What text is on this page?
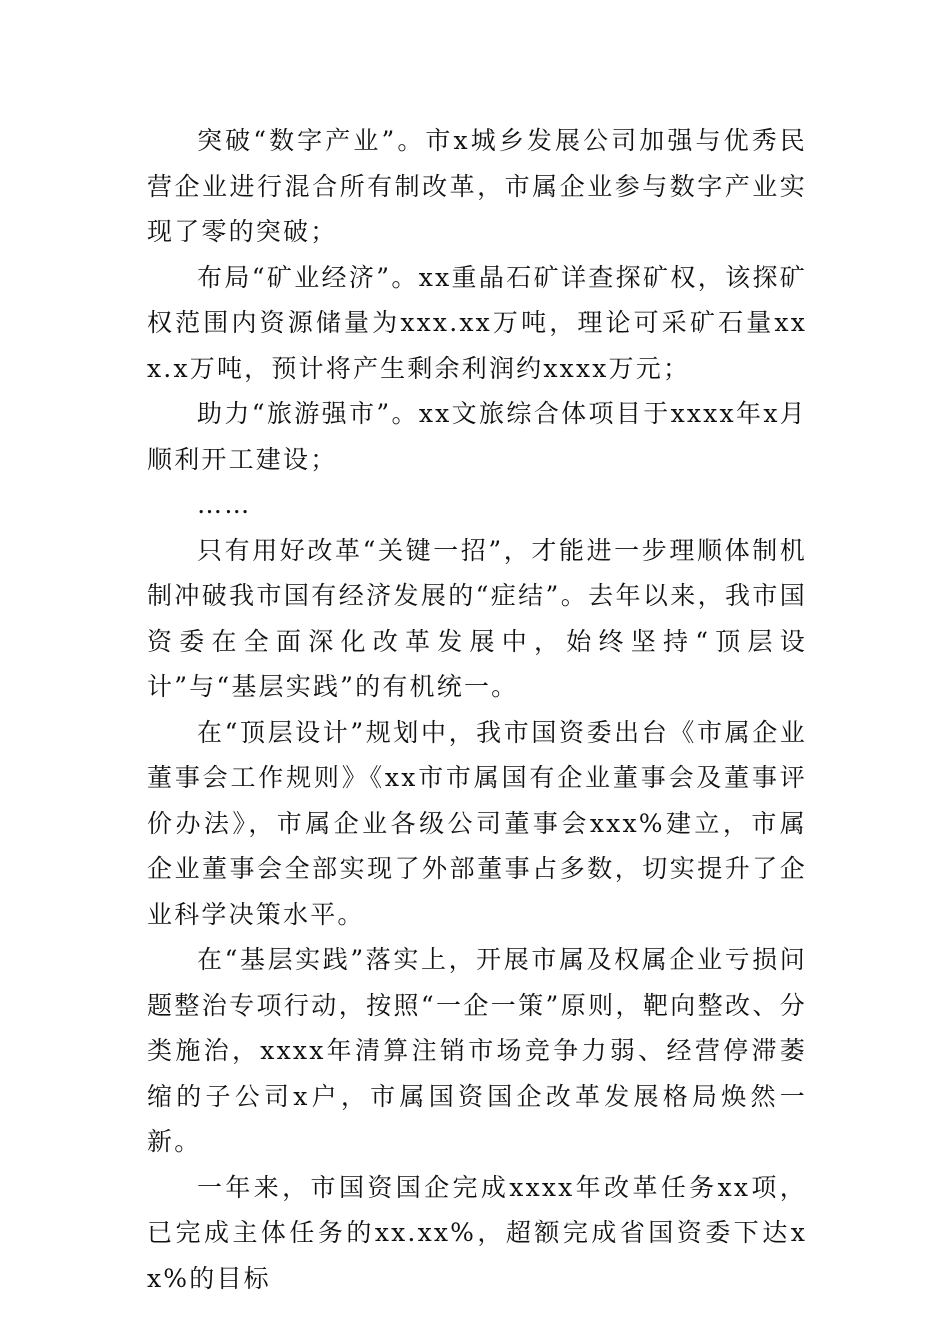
突破“数字产业”。市x城乡发展公司加强与优秀民营企业进行混合所有制改革，市属企业参与数字产业实现了零的突破；

布局“矿业经济”。xx重晶石矿详查探矿权，该探矿权范围内资源储量为xxx.xx万吨，理论可采矿石量xxx.x万吨，预计将产生剩余利润约xxxx万元；

助力“旅游强市”。xx文旅综合体项目于xxxx年x月顺利开工建设；

……

只有用好改革“关键一招”，才能进一步理顺体制机制冲破我市国有经济发展的“症结”。去年以来，我市国资委在全面深化改革发展中，始终坚持“顶层设计”与“基层实践”的有机统一。

在“顶层设计”规划中，我市国资委出台《市属企业董事会工作规则》《xx市市属国有企业董事会及董事评价办法》，市属企业各级公司董事会xxx%建立，市属企业董事会全部实现了外部董事占多数，切实提升了企业科学决策水平。

在“基层实践”落实上，开展市属及权属企业亏损问题整治专项行动，按照“一企一策”原则，靶向整改、分类施治，xxxx年清算注销市场竞争力弱、经营停滞萎缩的子公司x户，市属国资国企改革发展格局焕然一新。

一年来，市国资国企完成xxxx年改革任务xx项，已完成主体任务的xx.xx%，超额完成省国资委下达xx%的目标
